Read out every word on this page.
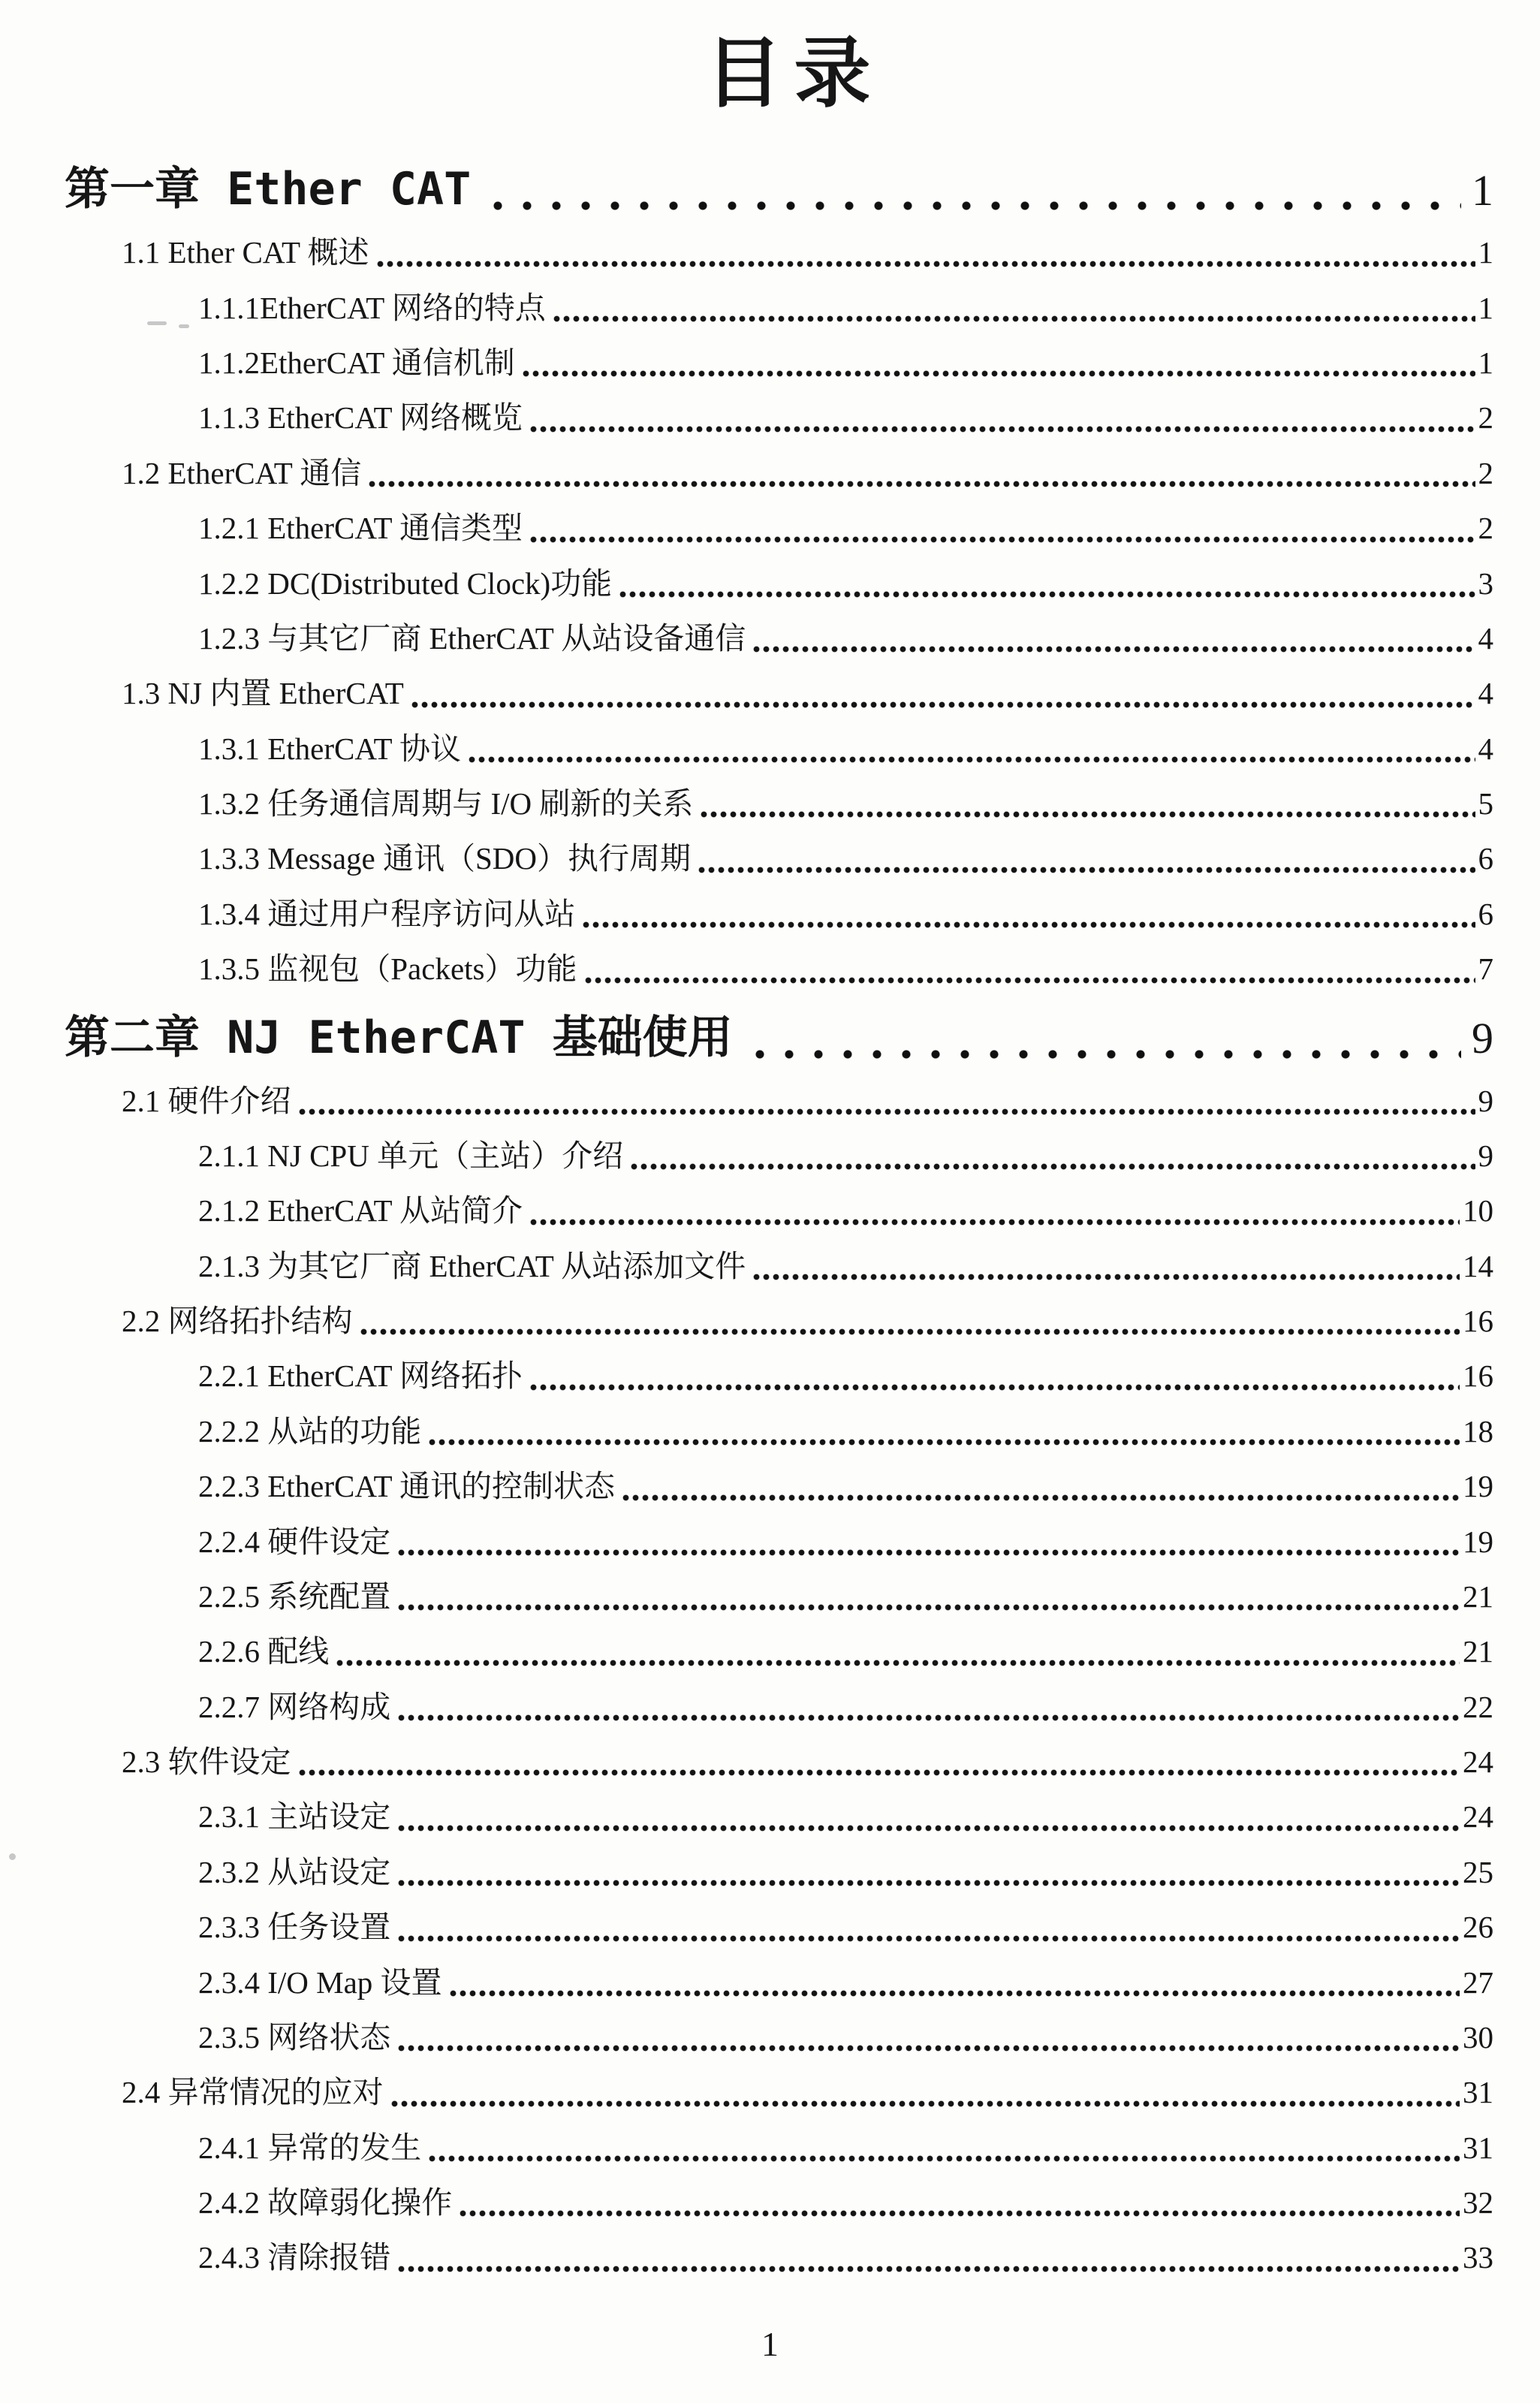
目录
第一章 Ether CAT	1
1.1 Ether CAT 概述	1
1.1.1EtherCAT 网络的特点	1
1.1.2EtherCAT 通信机制	1
1.1.3 EtherCAT 网络概览	2
1.2 EtherCAT 通信	2
1.2.1 EtherCAT 通信类型	2
1.2.2 DC(Distributed Clock)功能	3
1.2.3 与其它厂商 EtherCAT 从站设备通信	4
1.3 NJ 内置 EtherCAT	4
1.3.1 EtherCAT 协议	4
1.3.2 任务通信周期与 I/O 刷新的关系	5
1.3.3 Message 通讯（SDO）执行周期	6
1.3.4 通过用户程序访问从站	6
1.3.5 监视包（Packets）功能	7
第二章 NJ EtherCAT 基础使用	9
2.1 硬件介绍	9
2.1.1 NJ CPU 单元（主站）介绍	9
2.1.2 EtherCAT 从站简介	10
2.1.3 为其它厂商 EtherCAT 从站添加文件	14
2.2 网络拓扑结构	16
2.2.1 EtherCAT 网络拓扑	16
2.2.2 从站的功能	18
2.2.3 EtherCAT 通讯的控制状态	19
2.2.4 硬件设定	19
2.2.5 系统配置	21
2.2.6 配线	21
2.2.7 网络构成	22
2.3 软件设定	24
2.3.1 主站设定	24
2.3.2 从站设定	25
2.3.3 任务设置	26
2.3.4 I/O Map 设置	27
2.3.5 网络状态	30
2.4 异常情况的应对	31
2.4.1 异常的发生	31
2.4.2 故障弱化操作	32
2.4.3 清除报错	33
1
